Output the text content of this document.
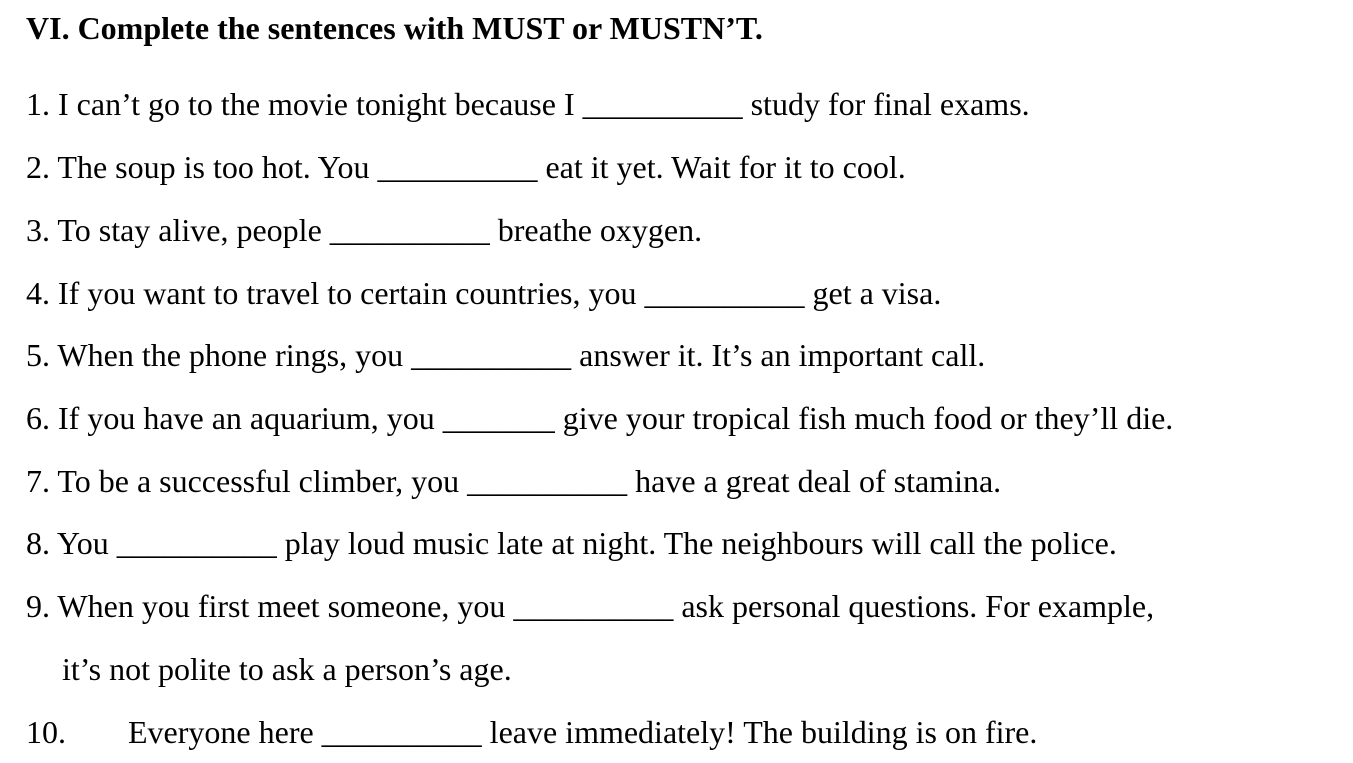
VI. Complete the sentences with MUST or MUSTN’T.
1. I can’t go to the movie tonight because I __________ study for final exams.
2. The soup is too hot. You __________ eat it yet. Wait for it to cool.
3. To stay alive, people __________ breathe oxygen.
4. If you want to travel to certain countries, you __________ get a visa.
5. When the phone rings, you __________ answer it. It’s an important call.
6. If you have an aquarium, you _______ give your tropical fish much food or they’ll die.
7. To be a successful climber, you __________ have a great deal of stamina.
8. You __________ play loud music late at night. The neighbours will call the police.
9. When you first meet someone, you __________ ask personal questions. For example,
it’s not polite to ask a person’s age.
10. Everyone here __________ leave immediately! The building is on fire.
